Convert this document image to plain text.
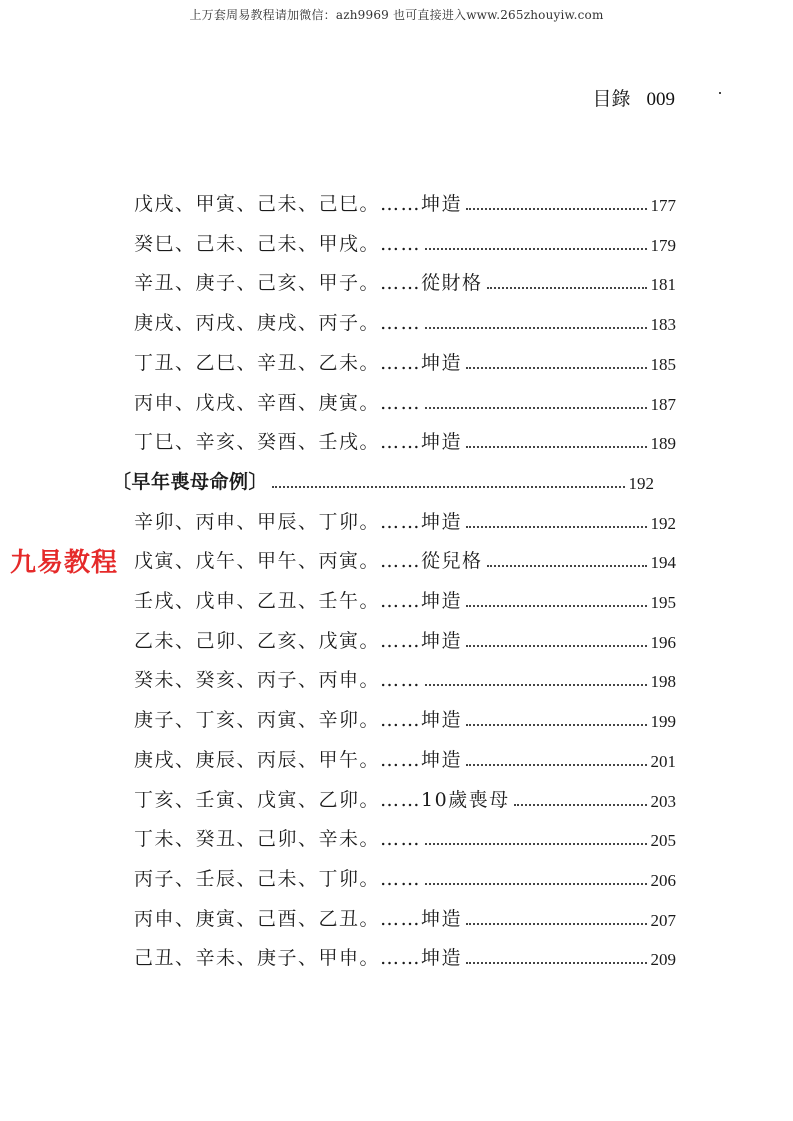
上万套周易教程请加微信：azh9969 也可直接进入www.265zhouyiw.com
目錄 009
戊戌、甲寅、己未、己巳。……坤造	177
癸巳、己未、己未、甲戌。……	179
辛丑、庚子、己亥、甲子。……從財格	181
庚戌、丙戌、庚戌、丙子。……	183
丁丑、乙巳、辛丑、乙未。……坤造	185
丙申、戊戌、辛酉、庚寅。……	187
丁巳、辛亥、癸酉、壬戌。……坤造	189
〔早年喪母命例〕	192
辛卯、丙申、甲辰、丁卯。……坤造	192
戊寅、戊午、甲午、丙寅。……從兒格	194
壬戌、戊申、乙丑、壬午。……坤造	195
乙未、己卯、乙亥、戊寅。……坤造	196
癸未、癸亥、丙子、丙申。……	198
庚子、丁亥、丙寅、辛卯。……坤造	199
庚戌、庚辰、丙辰、甲午。……坤造	201
丁亥、壬寅、戊寅、乙卯。……10歲喪母	203
丁未、癸丑、己卯、辛未。……	205
丙子、壬辰、己未、丁卯。……	206
丙申、庚寅、己酉、乙丑。……坤造	207
己丑、辛未、庚子、甲申。……坤造	209
九易教程
